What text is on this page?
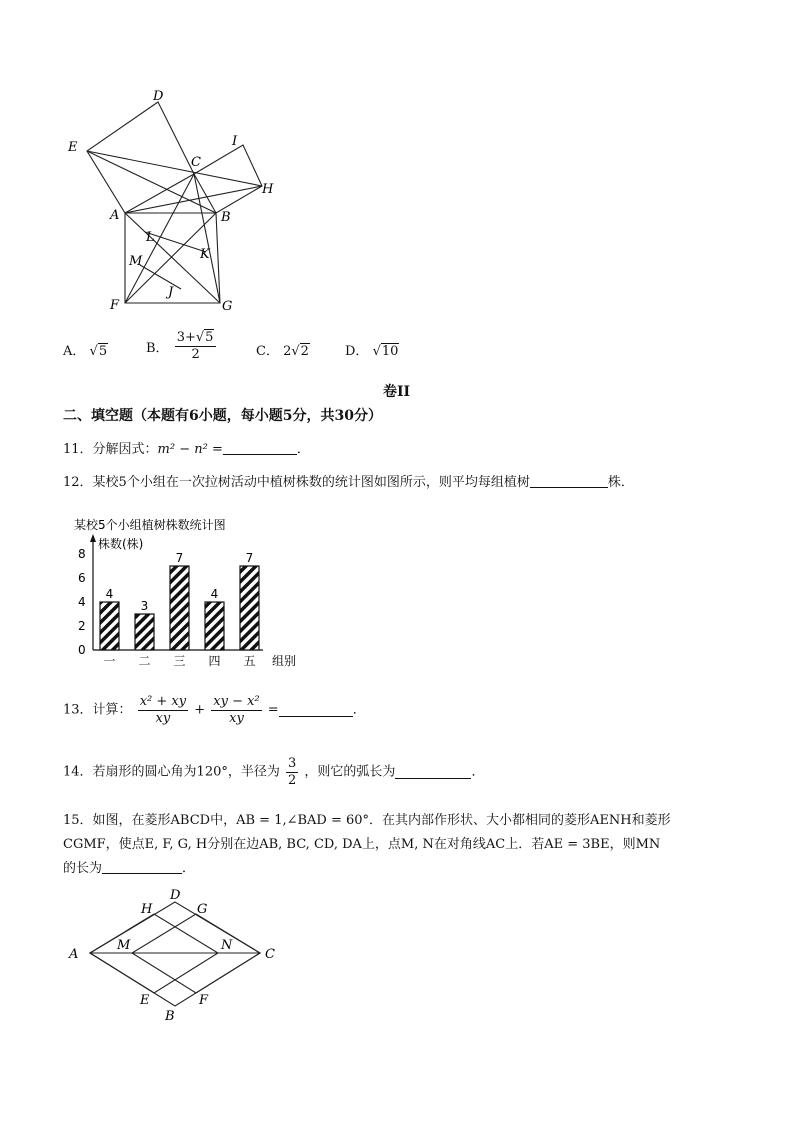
D
E
C
I
H
A	B
L
K
M
J
F	G
A． √5	B． $\frac{3+√5}{2}$	C． 2√2	D． √10
卷II
二、填空题（本题有6小题，每小题5分，共30分）
11．分解因式：m² − n² =	．
12．某校5个小组在一次拉树活动中植树株数的统计图如图所示，则平均每组植树	株．
某校5个小组植树株数统计图
株数(株)
组别
0
2
4
6
8
4
一
3
二
7
三
4
四
7
五
13．计算： $\frac{\text{x² + xy}}{xy} + \frac{\text{xy − x²}}{xy}$ =	．
14．若扇形的圆心角为120°，半径为 $\frac{3}{2}$ ，则它的弧长为	．
15．如图，在菱形ABCD中，AB = 1,∠BAD = 60°．在其内部作形状、大小都相同的菱形AENH和菱形
CGMF，使点E, F, G, H分别在边AB, BC, CD, DA上，点M, N在对角线AC上．若AE = 3BE，则MN
的长为	．
D
H	G
A
M	N
C
E	F
B
